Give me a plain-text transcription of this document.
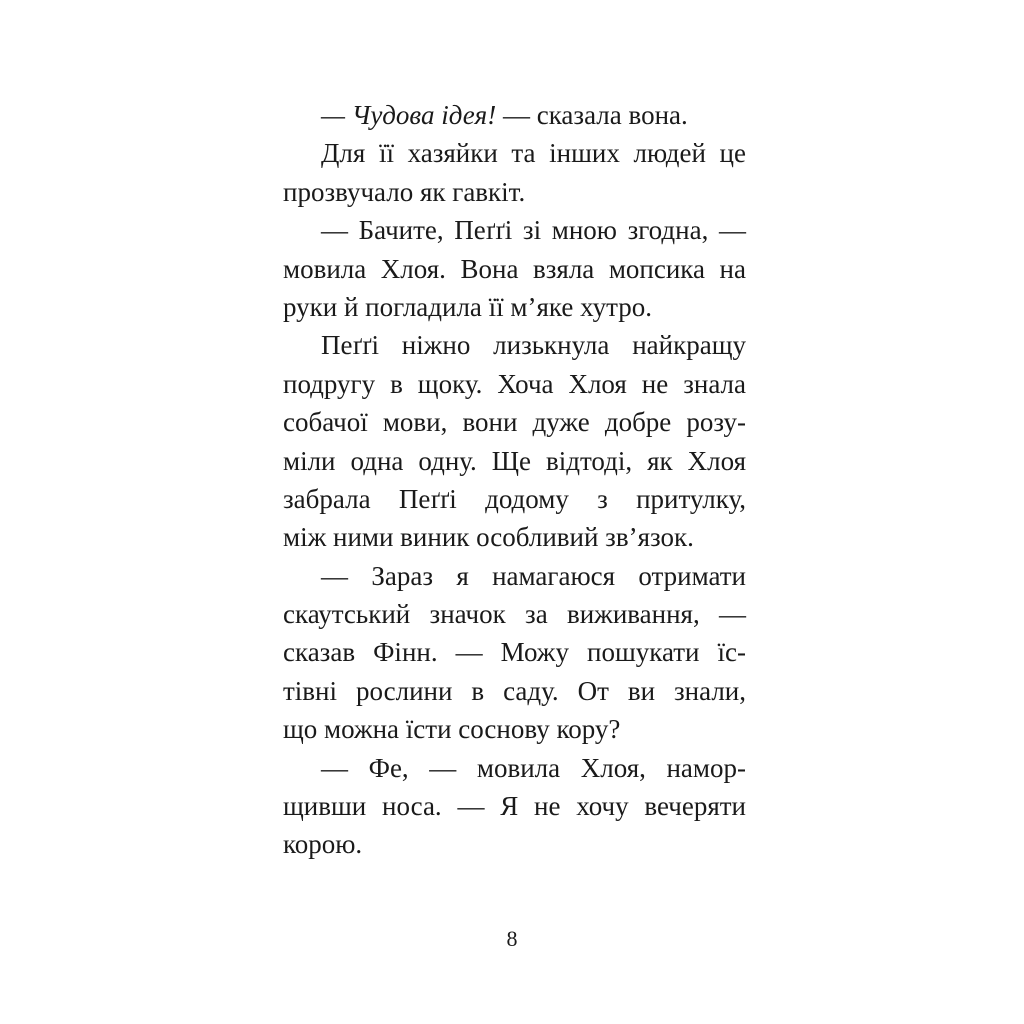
— Чудова ідея! — сказала вона.
Для її хазяйки та інших людей це
прозвучало як гавкіт.
— Бачите, Пеґґі зі мною згодна, —
мовила Хлоя. Вона взяла мопсика на
руки й погладила її м’яке хутро.
Пеґґі ніжно лизькнула найкращу
подругу в щоку. Хоча Хлоя не знала
собачої мови, вони дуже добре розу-
міли одна одну. Ще відтоді, як Хлоя
забрала Пеґґі додому з притулку,
між ними виник особливий зв’язок.
— Зараз я намагаюся отримати
скаутський значок за виживання, —
сказав Фінн. — Можу пошукати їс-
тівні рослини в саду. От ви знали,
що можна їсти соснову кору?
— Фе, — мовила Хлоя, намор-
щивши носа. — Я не хочу вечеряти
корою.
8
